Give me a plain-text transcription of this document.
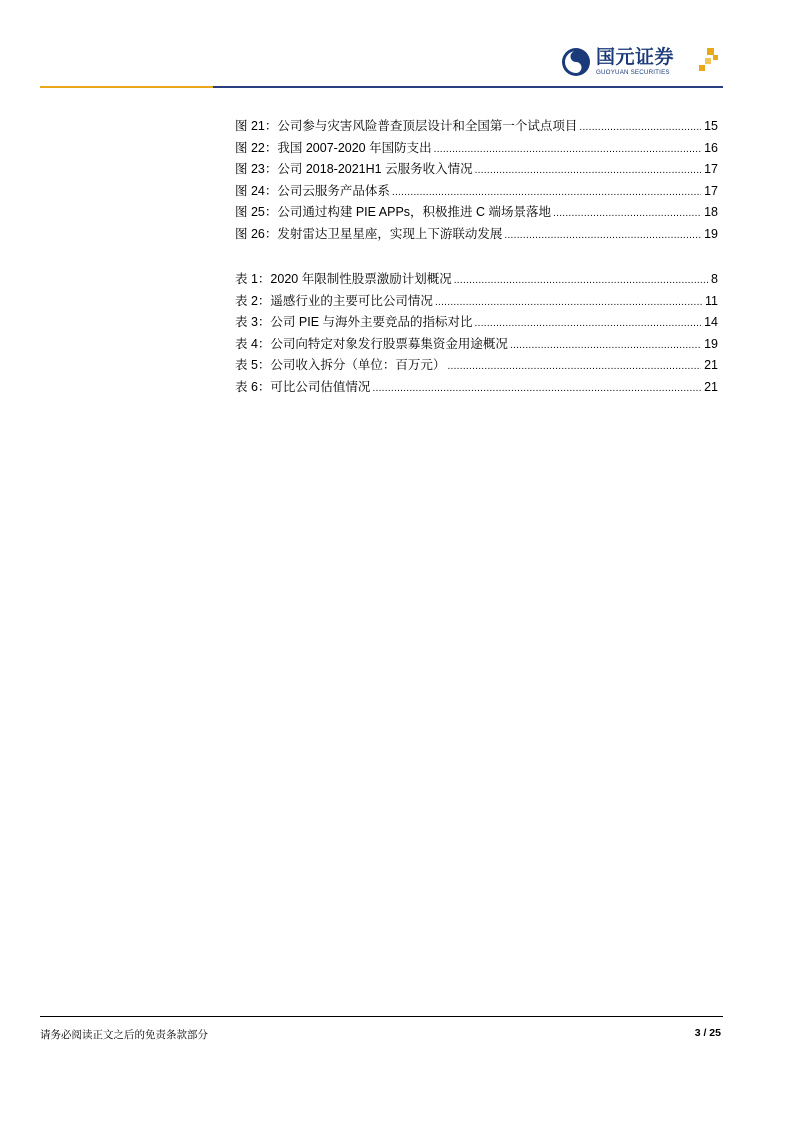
国元证券
GUOYUAN SECURITIES
图 21：公司参与灾害风险普查顶层设计和全国第一个试点项目 .....	15
图 22：我国 2007-2020 年国防支出 .....	16
图 23：公司 2018-2021H1 云服务收入情况 .....	17
图 24：公司云服务产品体系 .....	17
图 25：公司通过构建 PIE APPs，积极推进 C 端场景落地 .....	18
图 26：发射雷达卫星星座，实现上下游联动发展 .....	19
表 1：2020 年限制性股票激励计划概况 .....	8
表 2：遥感行业的主要可比公司情况 .....	11
表 3：公司 PIE 与海外主要竞品的指标对比 .....	14
表 4：公司向特定对象发行股票募集资金用途概况 .....	19
表 5：公司收入拆分（单位：百万元） .....	21
表 6：可比公司估值情况 .....	21
请务必阅读正文之后的免责条款部分	3 / 25
